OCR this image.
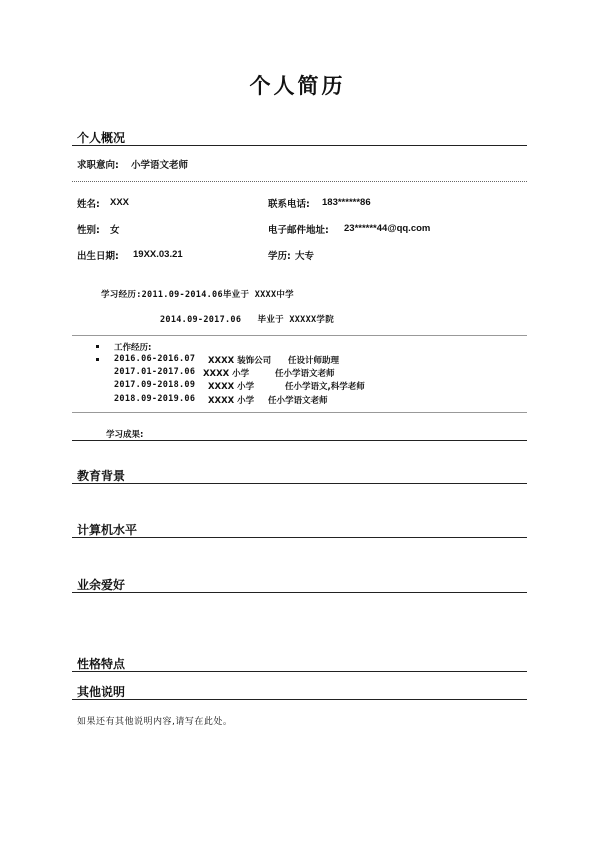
个人简历
个人概况
求职意向: 小学语文老师
姓名: XXX	联系电话: 183******86
性别: 女	电子邮件地址: 23******44@qq.com
出生日期: 19XX.03.21	学历: 大专
学习经历:2011.09-2014.06毕业于 XXXX中学
2014.09-2017.06   毕业于 XXXXX学院
工作经历:
2016.06-2016.07 XXXX 装饰公司 任设计师助理
2017.01-2017.06 XXXX 小学	任小学语文老师
2017.09-2018.09 XXXX 小学	任小学语文,科学老师
2018.09-2019.06 XXXX 小学 任小学语文老师
学习成果:
教育背景
计算机水平
业余爱好
性格特点
其他说明
如果还有其他说明内容,请写在此处。
